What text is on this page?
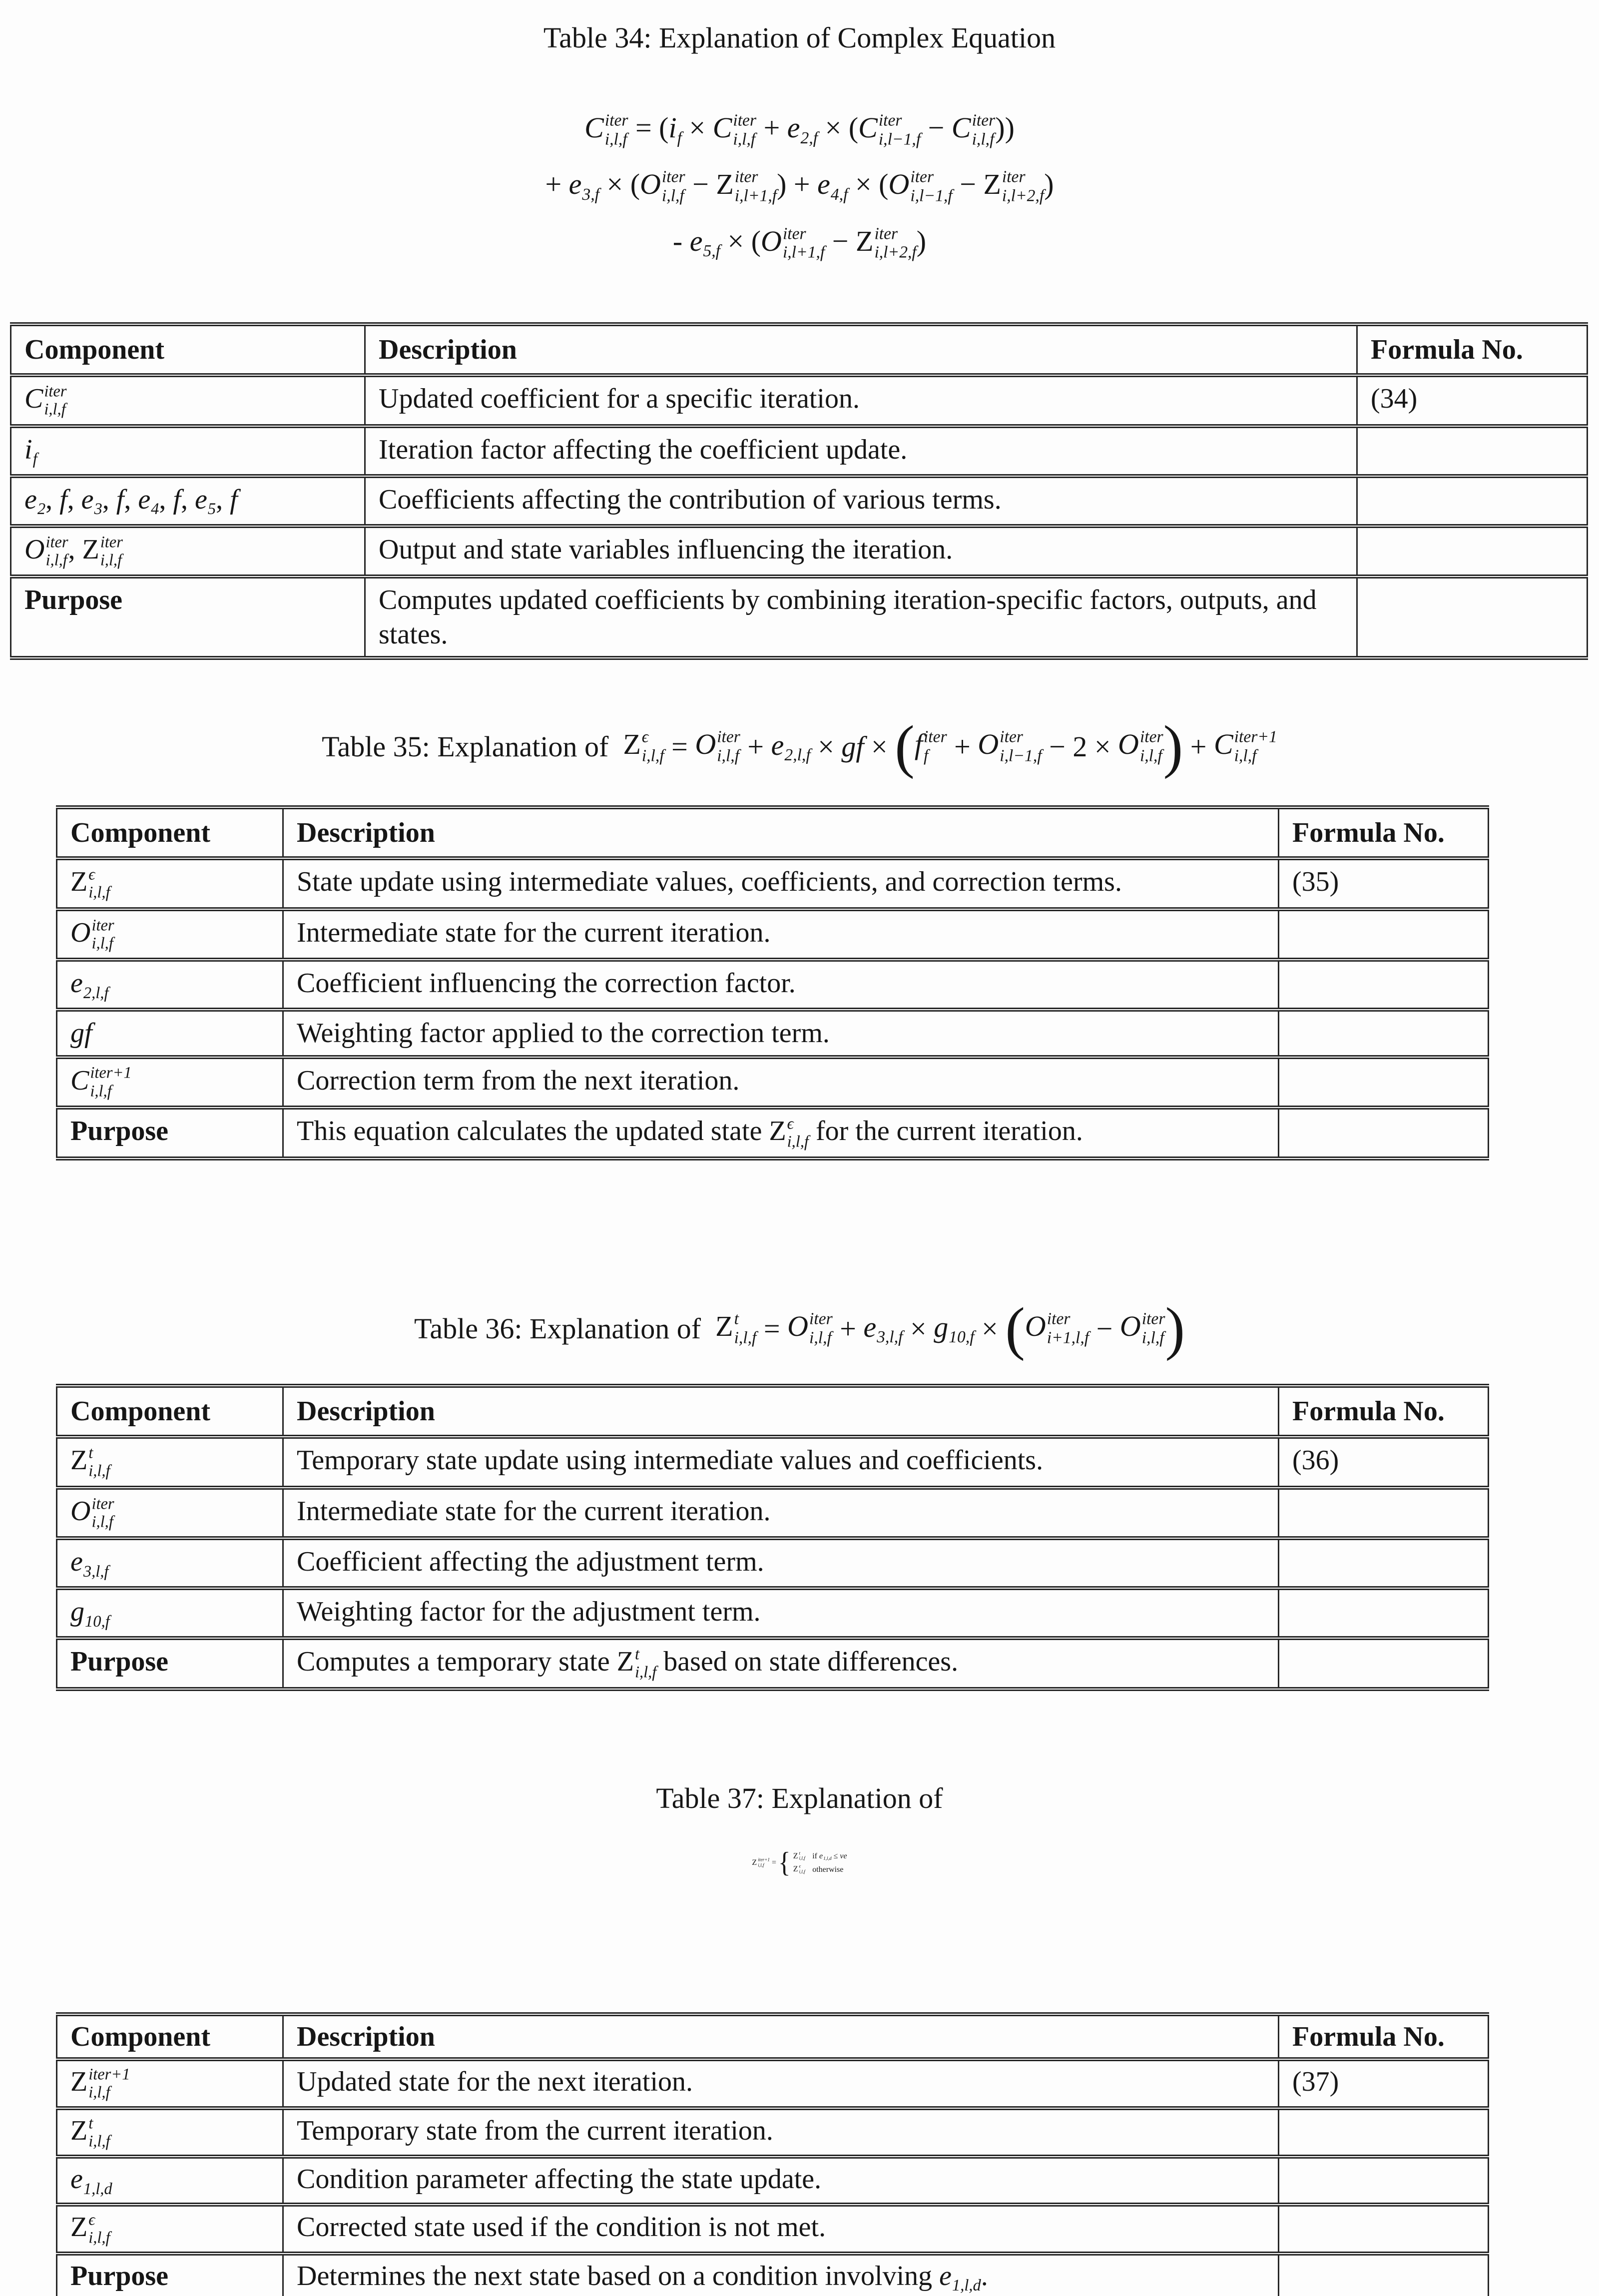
Table 34: Explanation of Complex Equation
C iter
$i,l,f = (i_f \times C$ iter
$i,l,f + e_{2,f} \times (C$ iter
i,l−1,f − C iter
i,l,f ))
+ $e_{3,f} \times (O$ iter
i,l,f − Z iter
i,l+1,f ) + $e_{4,f} \times (O$ iter
i,l−1,f − Z iter
i,l+2,f )
- $e_{5,f} \times (O$ iter
i,l+1,f − Z iter
i,l+2,f )
Component	Description	Formula No.
C iter
i,l,f	Updated coefficient for a specific iteration.	(34)
$i_f$	Iteration factor affecting the coefficient update.	
$e_2$, f, $e_3$, f, $e_4$, f, $e_5$, f	Coefficients affecting the contribution of various terms.	
O iter
i,l,f , Z iter
i,l,f	Output and state variables influencing the iteration.	
Purpose	Computes updated coefficients by combining iteration-specific factors, outputs, and states.	
Table 35: Explanation of  Z ϵ
i,l,f = O iter
$i,l,f + e_{2,l,f}$ × gf × ( f iter
f + O iter
i,l−1,f − 2 × O iter
i,l,f ) + C iter+1
i,l,f
Component	Description	Formula No.
Z ϵ
i,l,f	State update using intermediate values, coefficients, and correction terms.	(35)
O iter
i,l,f	Intermediate state for the current iteration.	
$e_{2,l,f}$	Coefficient influencing the correction factor.	
gf	Weighting factor applied to the correction term.	
C iter+1
i,l,f	Correction term from the next iteration.	
Purpose	This equation calculates the updated state Z ϵ
i,l,f for the current iteration.	
Table 36: Explanation of  Z t
i,l,f = O iter
$i,l,f + e_{3,l,f} \times g_{10,f}$ × ( O iter
i+1,l,f − O iter
i,l,f )
Component	Description	Formula No.
Z t
i,l,f	Temporary state update using intermediate values and coefficients.	(36)
O iter
i,l,f	Intermediate state for the current iteration.	
$e_{3,l,f}$	Coefficient affecting the adjustment term.	
$g_{10,f}$	Weighting factor for the adjustment term.	
Purpose	Computes a temporary state Z t
i,l,f based on state differences.	
Table 37: Explanation of
Z iter+1
i,l,f = { Z t
i,l,f if $e_{1,l,d}$ ≤ ve
Z ϵ
i,l,f otherwise
Component	Description	Formula No.
Z iter+1
i,l,f	Updated state for the next iteration.	(37)
Z t
i,l,f	Temporary state from the current iteration.	
$e_{1,l,d}$	Condition parameter affecting the state update.	
Z ϵ
i,l,f	Corrected state used if the condition is not met.	
Purpose	Determines the next state based on a condition involving $e_{1,l,d}$.	
